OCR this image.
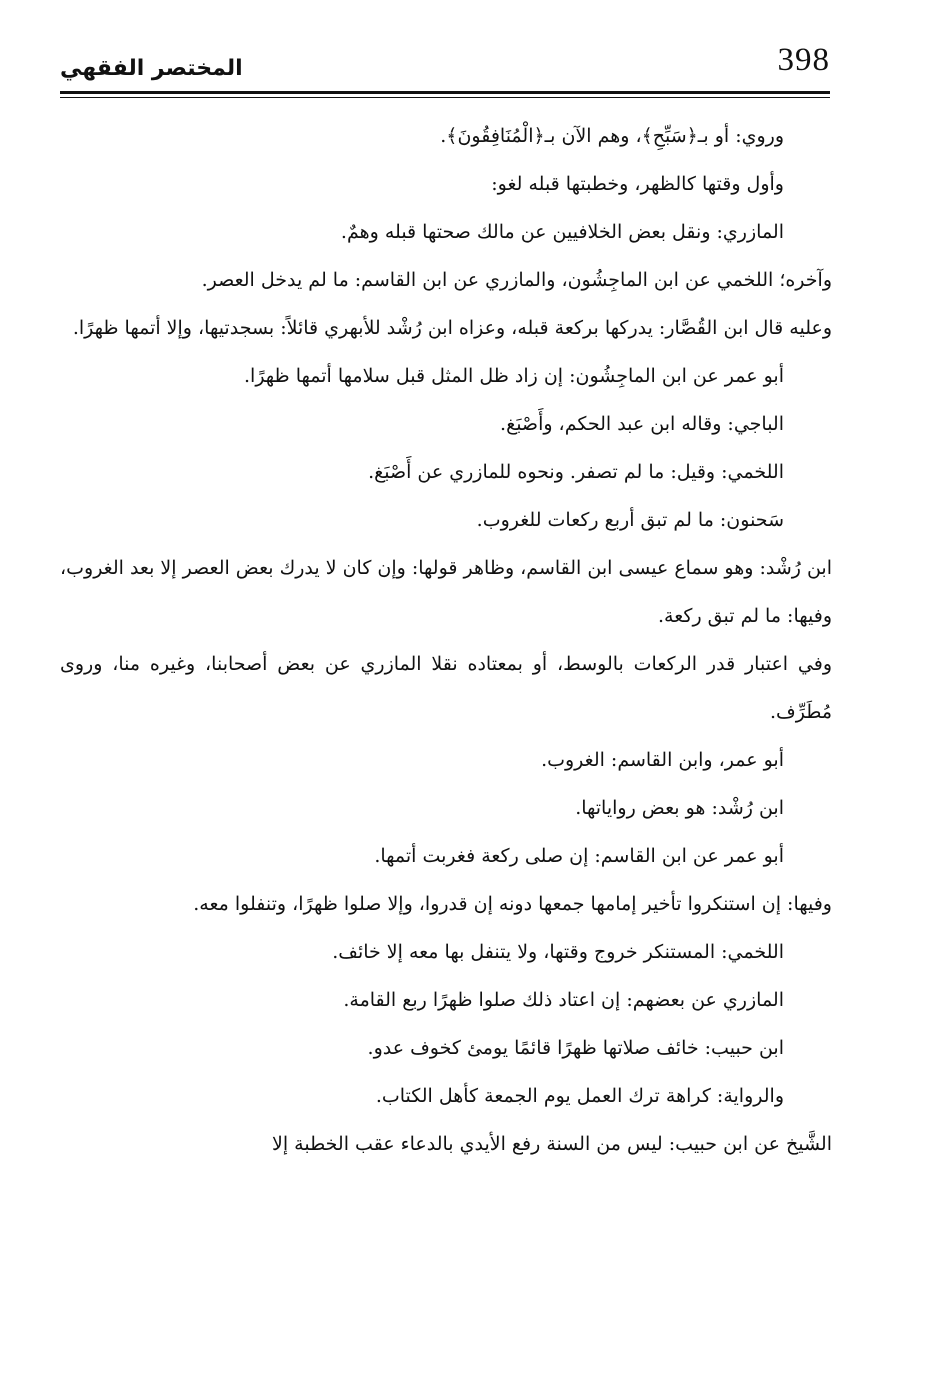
398
المختصر الفقهي

وروي: أو بـ﴿سَبِّحِ﴾، وهم الآن بـ﴿الْمُنَافِقُونَ﴾.

وأول وقتها كالظهر، وخطبتها قبله لغو:

المازري: ونقل بعض الخلافيين عن مالك صحتها قبله وهمٌ.

وآخره؛ اللخمي عن ابن الماجِشُون، والمازري عن ابن القاسم: ما لم يدخل العصر.

وعليه قال ابن القُصَّار: يدركها بركعة قبله، وعزاه ابن رُشْد للأبهري قائلاً: بسجدتيها، وإلا أتمها ظهرًا.

أبو عمر عن ابن الماجِشُون: إن زاد ظل المثل قبل سلامها أتمها ظهرًا.

الباجي: وقاله ابن عبد الحكم، وأَصْبَغ.

اللخمي: وقيل: ما لم تصفر. ونحوه للمازري عن أَصْبَغ.

سَحنون: ما لم تبق أربع ركعات للغروب.

ابن رُشْد: وهو سماع عيسى ابن القاسم، وظاهر قولها: وإن كان لا يدرك بعض العصر إلا بعد الغروب، وفيها: ما لم تبق ركعة.

وفي اعتبار قدر الركعات بالوسط، أو بمعتاده نقلا المازري عن بعض أصحابنا، وغيره منا، وروى مُطَرِّف.

أبو عمر، وابن القاسم: الغروب.

ابن رُشْد: هو بعض رواياتها.

أبو عمر عن ابن القاسم: إن صلى ركعة فغربت أتمها.

وفيها: إن استنكروا تأخير إمامها جمعها دونه إن قدروا، وإلا صلوا ظهرًا، وتنفلوا معه.

اللخمي: المستنكر خروج وقتها، ولا يتنفل بها معه إلا خائف.

المازري عن بعضهم: إن اعتاد ذلك صلوا ظهرًا ربع القامة.

ابن حبيب: خائف صلاتها ظهرًا قائمًا يومئ كخوف عدو.

والرواية: كراهة ترك العمل يوم الجمعة كأهل الكتاب.

الشَّيخ عن ابن حبيب: ليس من السنة رفع الأيدي بالدعاء عقب الخطبة إلا
